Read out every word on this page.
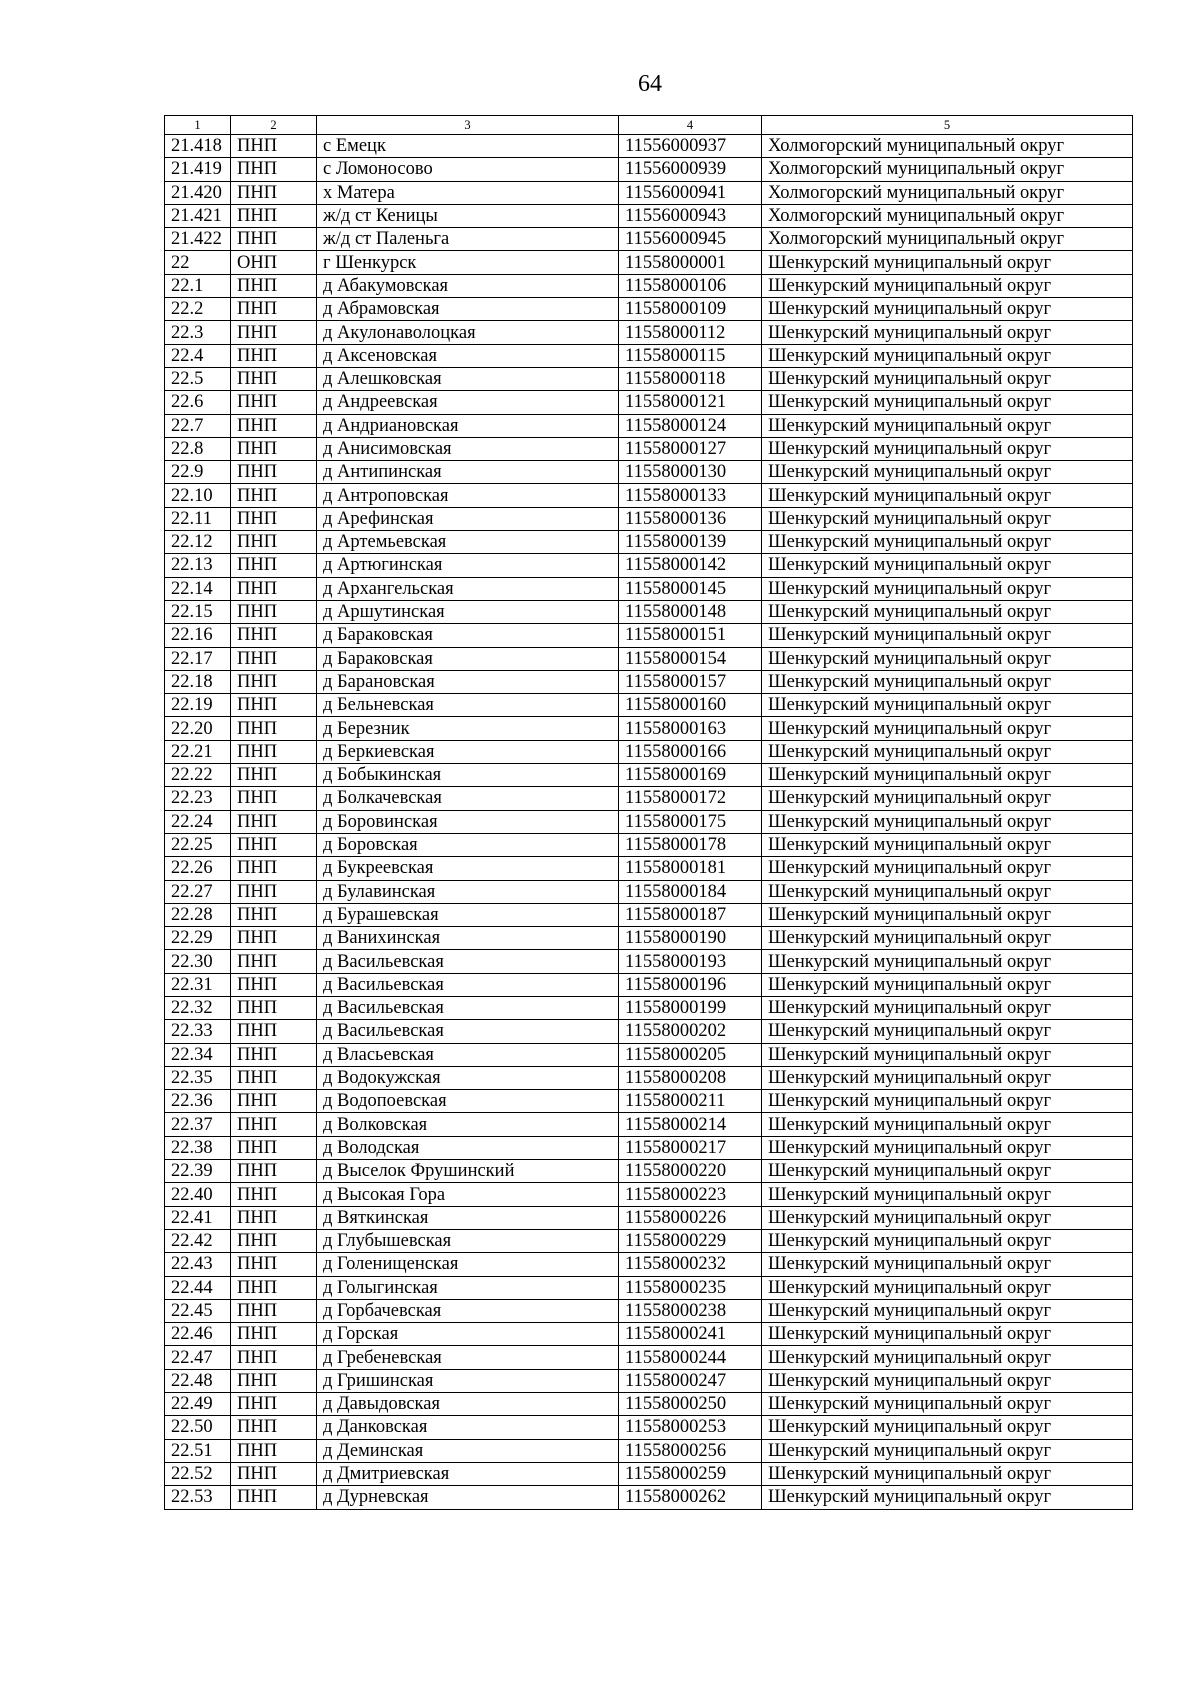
64
1	2	3	4	5
21.418	ПНП	с Емецк	11556000937	Холмогорский муниципальный округ
21.419	ПНП	с Ломоносово	11556000939	Холмогорский муниципальный округ
21.420	ПНП	х Матера	11556000941	Холмогорский муниципальный округ
21.421	ПНП	ж/д ст Кеницы	11556000943	Холмогорский муниципальный округ
21.422	ПНП	ж/д ст Паленьга	11556000945	Холмогорский муниципальный округ
22	ОНП	г Шенкурск	11558000001	Шенкурский муниципальный округ
22.1	ПНП	д Абакумовская	11558000106	Шенкурский муниципальный округ
22.2	ПНП	д Абрамовская	11558000109	Шенкурский муниципальный округ
22.3	ПНП	д Акулонаволоцкая	11558000112	Шенкурский муниципальный округ
22.4	ПНП	д Аксеновская	11558000115	Шенкурский муниципальный округ
22.5	ПНП	д Алешковская	11558000118	Шенкурский муниципальный округ
22.6	ПНП	д Андреевская	11558000121	Шенкурский муниципальный округ
22.7	ПНП	д Андриановская	11558000124	Шенкурский муниципальный округ
22.8	ПНП	д Анисимовская	11558000127	Шенкурский муниципальный округ
22.9	ПНП	д Антипинская	11558000130	Шенкурский муниципальный округ
22.10	ПНП	д Антроповская	11558000133	Шенкурский муниципальный округ
22.11	ПНП	д Арефинская	11558000136	Шенкурский муниципальный округ
22.12	ПНП	д Артемьевская	11558000139	Шенкурский муниципальный округ
22.13	ПНП	д Артюгинская	11558000142	Шенкурский муниципальный округ
22.14	ПНП	д Архангельская	11558000145	Шенкурский муниципальный округ
22.15	ПНП	д Аршутинская	11558000148	Шенкурский муниципальный округ
22.16	ПНП	д Бараковская	11558000151	Шенкурский муниципальный округ
22.17	ПНП	д Бараковская	11558000154	Шенкурский муниципальный округ
22.18	ПНП	д Барановская	11558000157	Шенкурский муниципальный округ
22.19	ПНП	д Бельневская	11558000160	Шенкурский муниципальный округ
22.20	ПНП	д Березник	11558000163	Шенкурский муниципальный округ
22.21	ПНП	д Беркиевская	11558000166	Шенкурский муниципальный округ
22.22	ПНП	д Бобыкинская	11558000169	Шенкурский муниципальный округ
22.23	ПНП	д Болкачевская	11558000172	Шенкурский муниципальный округ
22.24	ПНП	д Боровинская	11558000175	Шенкурский муниципальный округ
22.25	ПНП	д Боровская	11558000178	Шенкурский муниципальный округ
22.26	ПНП	д Букреевская	11558000181	Шенкурский муниципальный округ
22.27	ПНП	д Булавинская	11558000184	Шенкурский муниципальный округ
22.28	ПНП	д Бурашевская	11558000187	Шенкурский муниципальный округ
22.29	ПНП	д Ванихинская	11558000190	Шенкурский муниципальный округ
22.30	ПНП	д Васильевская	11558000193	Шенкурский муниципальный округ
22.31	ПНП	д Васильевская	11558000196	Шенкурский муниципальный округ
22.32	ПНП	д Васильевская	11558000199	Шенкурский муниципальный округ
22.33	ПНП	д Васильевская	11558000202	Шенкурский муниципальный округ
22.34	ПНП	д Власьевская	11558000205	Шенкурский муниципальный округ
22.35	ПНП	д Водокужская	11558000208	Шенкурский муниципальный округ
22.36	ПНП	д Водопоевская	11558000211	Шенкурский муниципальный округ
22.37	ПНП	д Волковская	11558000214	Шенкурский муниципальный округ
22.38	ПНП	д Володская	11558000217	Шенкурский муниципальный округ
22.39	ПНП	д Выселок Фрушинский	11558000220	Шенкурский муниципальный округ
22.40	ПНП	д Высокая Гора	11558000223	Шенкурский муниципальный округ
22.41	ПНП	д Вяткинская	11558000226	Шенкурский муниципальный округ
22.42	ПНП	д Глубышевская	11558000229	Шенкурский муниципальный округ
22.43	ПНП	д Голенищенская	11558000232	Шенкурский муниципальный округ
22.44	ПНП	д Голыгинская	11558000235	Шенкурский муниципальный округ
22.45	ПНП	д Горбачевская	11558000238	Шенкурский муниципальный округ
22.46	ПНП	д Горская	11558000241	Шенкурский муниципальный округ
22.47	ПНП	д Гребеневская	11558000244	Шенкурский муниципальный округ
22.48	ПНП	д Гришинская	11558000247	Шенкурский муниципальный округ
22.49	ПНП	д Давыдовская	11558000250	Шенкурский муниципальный округ
22.50	ПНП	д Данковская	11558000253	Шенкурский муниципальный округ
22.51	ПНП	д Деминская	11558000256	Шенкурский муниципальный округ
22.52	ПНП	д Дмитриевская	11558000259	Шенкурский муниципальный округ
22.53	ПНП	д Дурневская	11558000262	Шенкурский муниципальный округ
